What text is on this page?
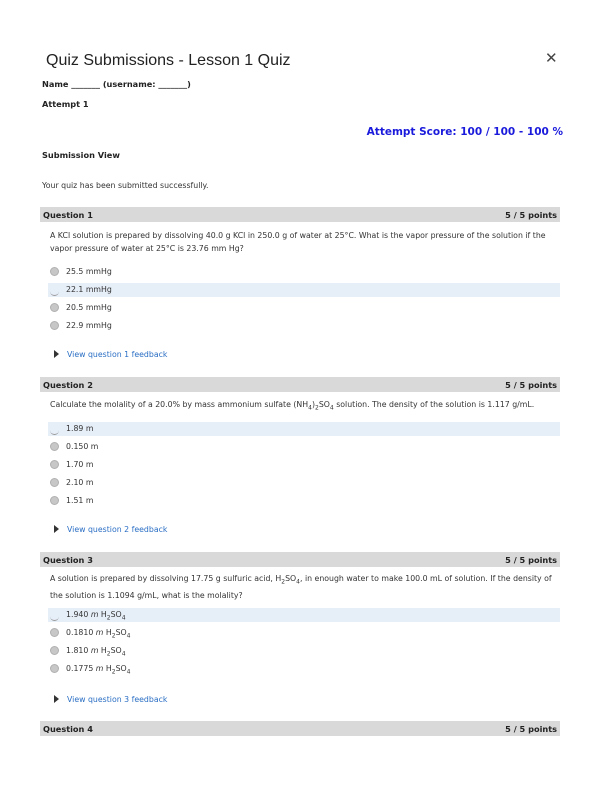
Quiz Submissions - Lesson 1 Quiz	✕
Name _______ (username: _______)
Attempt 1
Attempt Score: 100 / 100 - 100 %
Submission View
Your quiz has been submitted successfully.
Question 1	5 / 5 points
A KCl solution is prepared by dissolving 40.0 g KCl in 250.0 g of water at 25°C. What is the vapor pressure of the solution if the vapor pressure of water at 25°C is 23.76 mm Hg?
25.5 mmHg
22.1 mmHg
20.5 mmHg
22.9 mmHg
View question 1 feedback
Question 2	5 / 5 points
Calculate the molality of a 20.0% by mass ammonium sulfate $(NH_4)_2SO_4$ solution. The density of the solution is 1.117 g/mL.
1.89 m
0.150 m
1.70 m
2.10 m
1.51 m
View question 2 feedback
Question 3	5 / 5 points
A solution is prepared by dissolving 17.75 g sulfuric acid, $H_2SO_4$, in enough water to make 100.0 mL of solution. If the density of the solution is 1.1094 g/mL, what is the molality?
1.940 m $H_2SO_4$
0.1810 m $H_2SO_4$
1.810 m $H_2SO_4$
0.1775 m $H_2SO_4$
View question 3 feedback
Question 4	5 / 5 points
